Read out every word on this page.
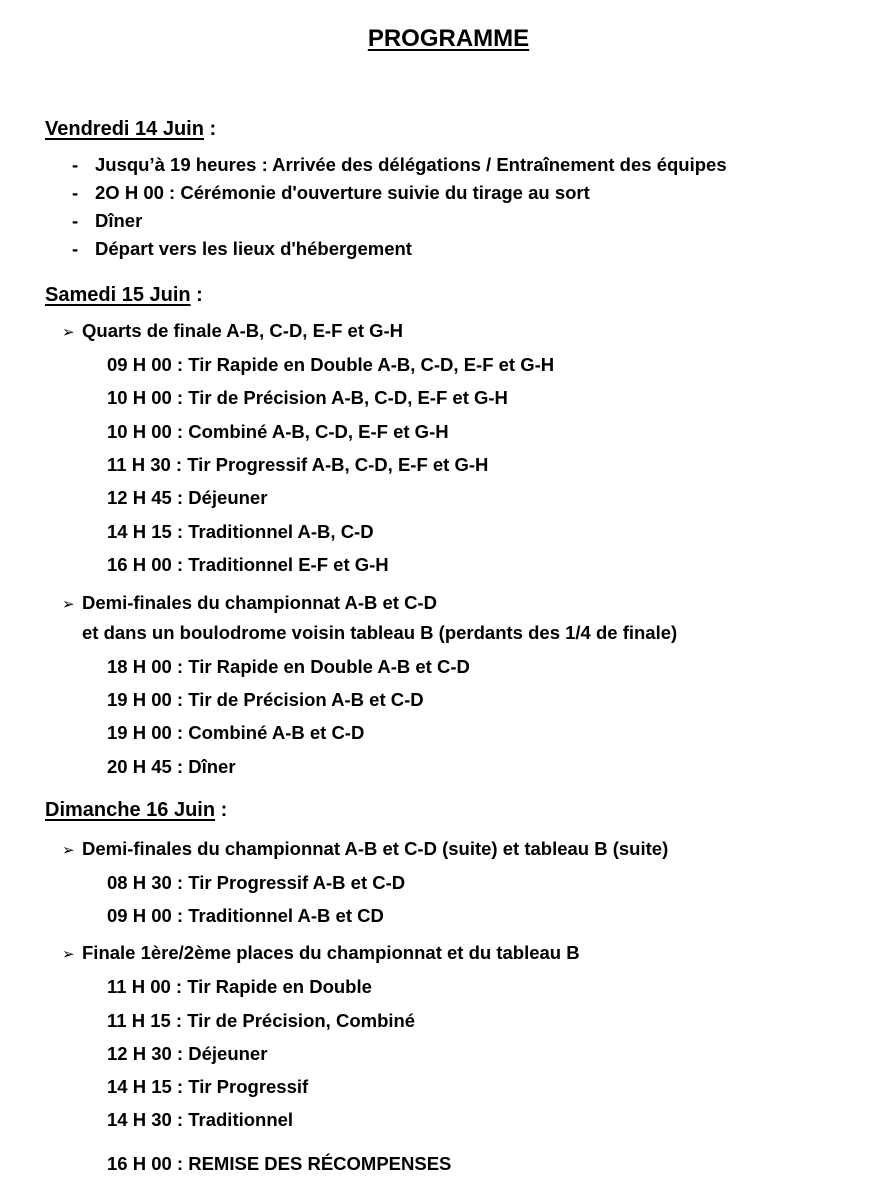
PROGRAMME
Vendredi 14 Juin :
- Jusqu’à 19 heures : Arrivée des délégations / Entraînement des équipes
- 2O H 00 : Cérémonie d'ouverture suivie du tirage au sort
- Dîner
- Départ vers les lieux d'hébergement
Samedi 15 Juin :
➢ Quarts de finale A-B, C-D, E-F et G-H
09 H 00 : Tir Rapide en Double A-B, C-D, E-F et G-H
10 H 00 : Tir de Précision A-B, C-D, E-F et G-H
10 H 00 : Combiné A-B, C-D, E-F et G-H
11 H 30 : Tir Progressif A-B, C-D, E-F et G-H
12 H 45 : Déjeuner
14 H 15 : Traditionnel A-B, C-D
16 H 00 : Traditionnel E-F et G-H
➢ Demi-finales du championnat A-B et C-D
et dans un boulodrome voisin tableau B (perdants des 1/4 de finale)
18 H 00 : Tir Rapide en Double A-B et C-D
19 H 00 : Tir de Précision A-B et C-D
19 H 00 : Combiné A-B et C-D
20 H 45 : Dîner
Dimanche 16 Juin :
➢ Demi-finales du championnat A-B et C-D (suite) et tableau B (suite)
08 H 30 : Tir Progressif A-B et C-D
09 H 00 : Traditionnel A-B et CD
➢ Finale 1ère/2ème places du championnat et du tableau B
11 H 00 : Tir Rapide en Double
11 H 15 : Tir de Précision, Combiné
12 H 30 : Déjeuner
14 H 15 : Tir Progressif
14 H 30 : Traditionnel
16 H 00 : REMISE DES RÉCOMPENSES
